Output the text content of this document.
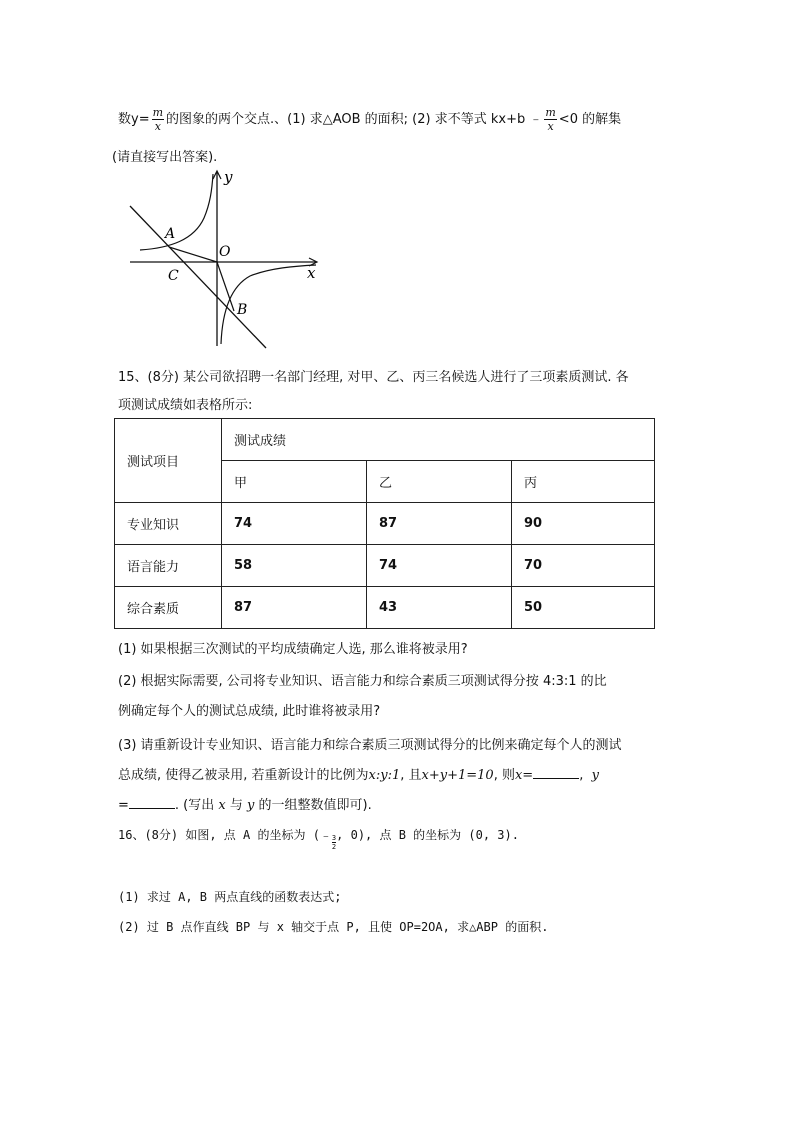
数$y= \frac{m}{x}$ 的图象的两个交点.、(1) 求△AOB 的面积; (2) 求不等式 kx+b ﹣ $\frac{m}{x} <0$ 的解集
(请直接写出答案).
y
x
A
O
C
B
15、(8分) 某公司欲招聘一名部门经理, 对甲、乙、丙三名候选人进行了三项素质测试. 各
项测试成绩如表格所示:
测试项目	测试成绩		
	甲	乙	丙
专业知识	74	87	90
语言能力	58	74	70
综合素质	87	43	50
(1) 如果根据三次测试的平均成绩确定人选, 那么谁将被录用?
(2) 根据实际需要, 公司将专业知识、语言能力和综合素质三项测试得分按 4:3:1 的比
例确定每个人的测试总成绩, 此时谁将被录用?
(3) 请重新设计专业知识、语言能力和综合素质三项测试得分的比例来确定每个人的测试
总成绩, 使得乙被录用, 若重新设计的比例为x:y:1, 且x+y+1=10, 则x=	, y
=	. (写出 x 与 y 的一组整数值即可).
16、(8分) 如图, 点 A 的坐标为 (﹣ $\frac{3}{2}$ , 0), 点 B 的坐标为 (0, 3).
(1) 求过 A, B 两点直线的函数表达式;
(2) 过 B 点作直线 BP 与 x 轴交于点 P, 且使 OP=2OA, 求△ABP 的面积.
